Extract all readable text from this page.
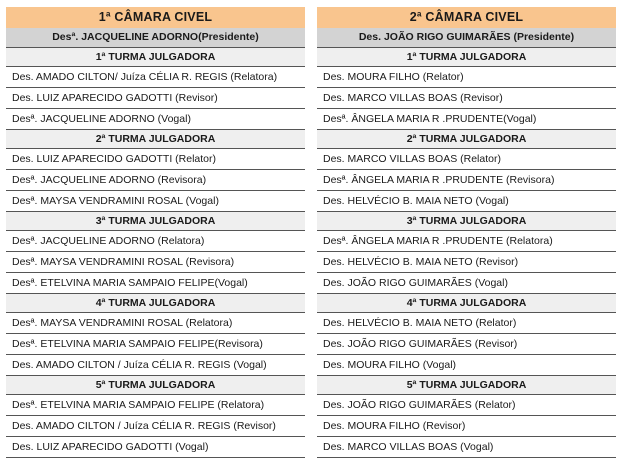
1ª CÂMARA CIVEL
Desª. JACQUELINE ADORNO(Presidente)
1ª TURMA JULGADORA
Des. AMADO CILTON/ Juíza CÉLIA R. REGIS (Relatora)
Des. LUIZ APARECIDO GADOTTI (Revisor)
Desª. JACQUELINE ADORNO (Vogal)
2ª TURMA JULGADORA
Des. LUIZ APARECIDO GADOTTI (Relator)
Desª. JACQUELINE ADORNO (Revisora)
Desª. MAYSA VENDRAMINI ROSAL (Vogal)
3ª TURMA JULGADORA
Desª. JACQUELINE ADORNO (Relatora)
Desª. MAYSA VENDRAMINI ROSAL (Revisora)
Desª. ETELVINA MARIA SAMPAIO FELIPE(Vogal)
4ª TURMA JULGADORA
Desª. MAYSA VENDRAMINI ROSAL (Relatora)
Desª. ETELVINA MARIA SAMPAIO FELIPE(Revisora)
Des. AMADO CILTON / Juíza CÉLIA R. REGIS (Vogal)
5ª TURMA JULGADORA
Desª. ETELVINA MARIA SAMPAIO FELIPE (Relatora)
Des. AMADO CILTON / Juíza CÉLIA R. REGIS (Revisor)
Des. LUIZ APARECIDO GADOTTI (Vogal)
2ª CÂMARA CIVEL
Des. JOÃO RIGO GUIMARÃES (Presidente)
1ª TURMA JULGADORA
Des. MOURA FILHO (Relator)
Des. MARCO VILLAS BOAS (Revisor)
Desª. ÂNGELA MARIA R .PRUDENTE(Vogal)
2ª TURMA JULGADORA
Des. MARCO VILLAS BOAS (Relator)
Desª. ÂNGELA MARIA R .PRUDENTE (Revisora)
Des. HELVÉCIO B. MAIA NETO (Vogal)
3ª TURMA JULGADORA
Desª. ÂNGELA MARIA R .PRUDENTE (Relatora)
Des. HELVÉCIO B. MAIA NETO (Revisor)
Des. JOÃO RIGO GUIMARÃES (Vogal)
4ª TURMA JULGADORA
Des. HELVÉCIO B. MAIA NETO (Relator)
Des. JOÃO RIGO GUIMARÃES (Revisor)
Des. MOURA FILHO (Vogal)
5ª TURMA JULGADORA
Des. JOÃO RIGO GUIMARÃES (Relator)
Des. MOURA FILHO (Revisor)
Des. MARCO VILLAS BOAS (Vogal)
